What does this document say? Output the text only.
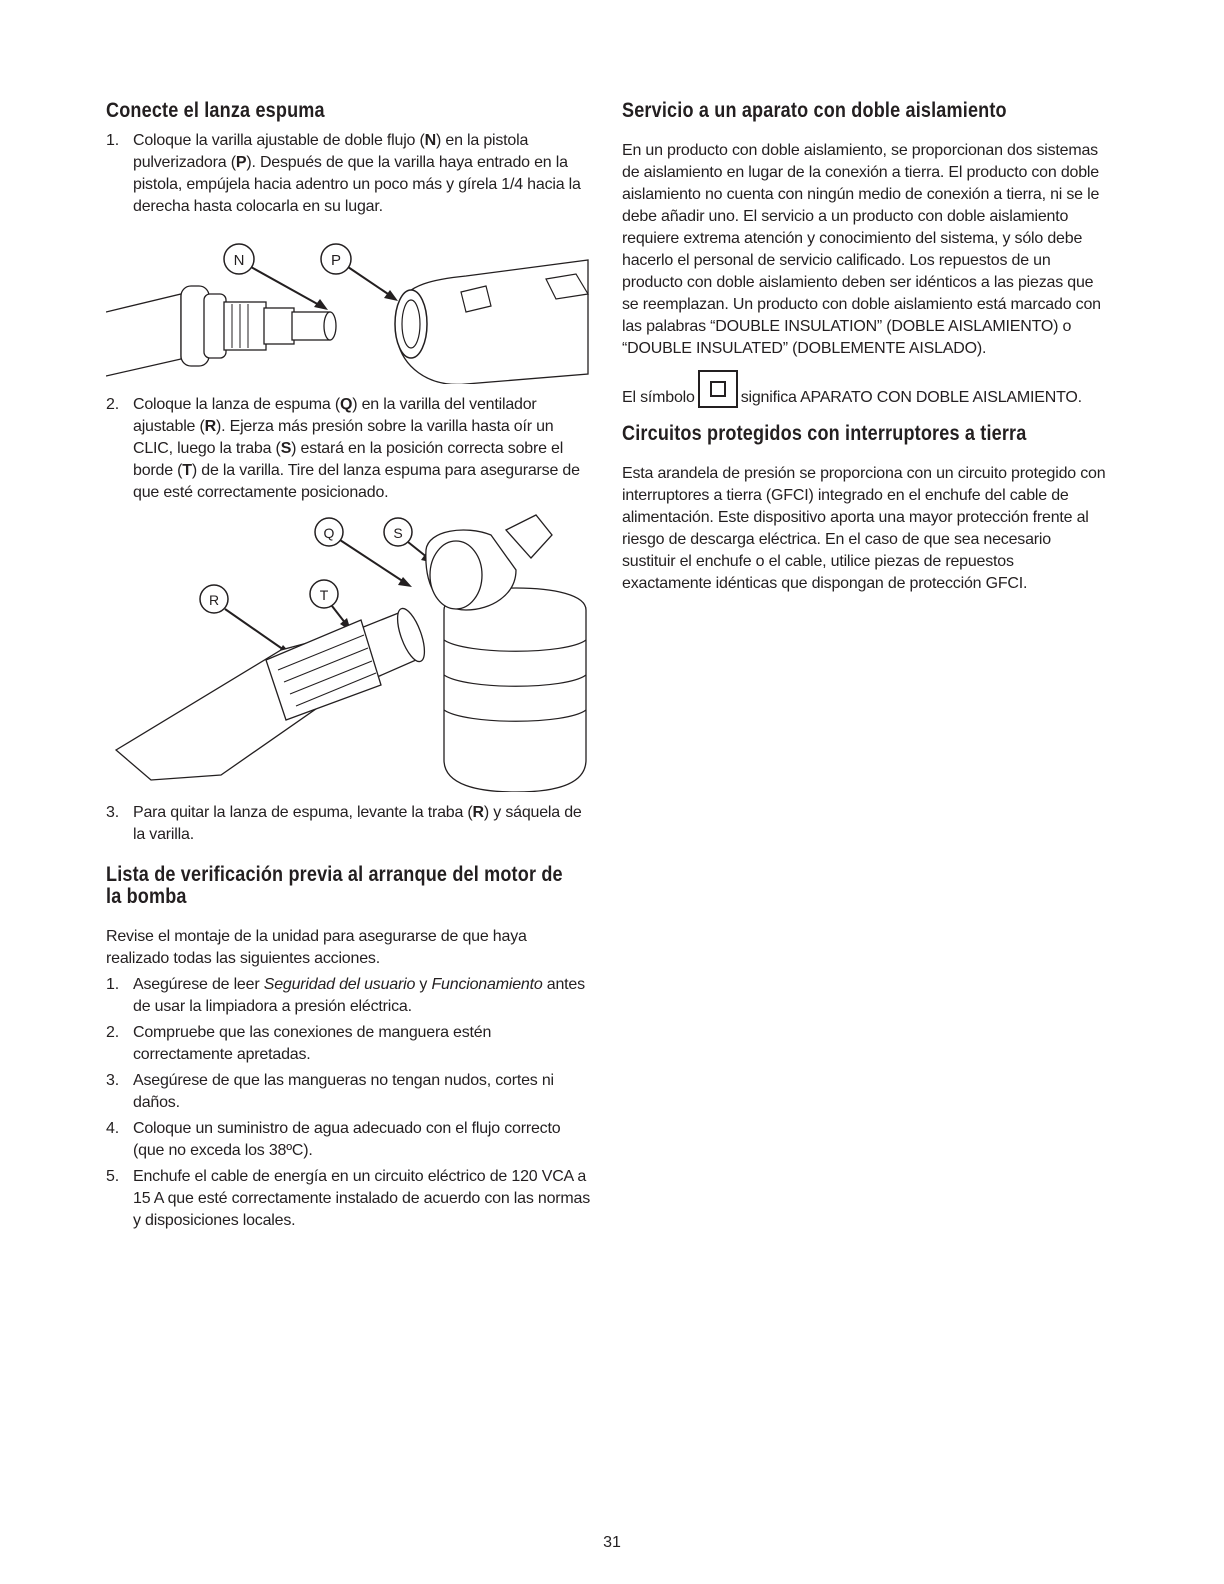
Conecte el lanza espuma
1. Coloque la varilla ajustable de doble flujo (N) en la pistola pulverizadora (P). Después de que la varilla haya entrado en la pistola, empújela hacia adentro un poco más y gírela 1/4 hacia la derecha hasta colocarla en su lugar.
N	P
2. Coloque la lanza de espuma (Q) en la varilla del ventilador ajustable (R). Ejerza más presión sobre la varilla hasta oír un CLIC, luego la traba (S) estará en la posición correcta sobre el borde (T) de la varilla. Tire del lanza espuma para asegurarse de que esté correctamente posicionado.
Q	S
R	T
3. Para quitar la lanza de espuma, levante la traba (R) y sáquela de la varilla.
Lista de verificación previa al arranque del motor de la bomba

Revise el montaje de la unidad para asegurarse de que haya realizado todas las siguientes acciones.

1. Asegúrese de leer Seguridad del usuario y Funcionamiento antes de usar la limpiadora a presión eléctrica.
2. Compruebe que las conexiones de manguera estén correctamente apretadas.
3. Asegúrese de que las mangueras no tengan nudos, cortes ni daños.
4. Coloque un suministro de agua adecuado con el flujo correcto (que no exceda los 38ºC).
5. Enchufe el cable de energía en un circuito eléctrico de 120 VCA a 15 A que esté correctamente instalado de acuerdo con las normas y disposiciones locales.
Servicio a un aparato con doble aislamiento

En un producto con doble aislamiento, se proporcionan dos sistemas de aislamiento en lugar de la conexión a tierra. El producto con doble aislamiento no cuenta con ningún medio de conexión a tierra, ni se le debe añadir uno. El servicio a un producto con doble aislamiento requiere extrema atención y conocimiento del sistema, y sólo debe hacerlo el personal de servicio calificado. Los repuestos de un producto con doble aislamiento deben ser idénticos a las piezas que se reemplazan. Un producto con doble aislamiento está marcado con las palabras “DOUBLE INSULATION” (DOBLE AISLAMIENTO) o “DOUBLE INSULATED” (DOBLEMENTE AISLADO).

El símbolo	significa APARATO CON DOBLE AISLAMIENTO.

Circuitos protegidos con interruptores a tierra

Esta arandela de presión se proporciona con un circuito protegido con interruptores a tierra (GFCI) integrado en el enchufe del cable de alimentación. Este dispositivo aporta una mayor protección frente al riesgo de descarga eléctrica. En el caso de que sea necesario sustituir el enchufe o el cable, utilice piezas de repuestos exactamente idénticas que dispongan de protección GFCI.

31
